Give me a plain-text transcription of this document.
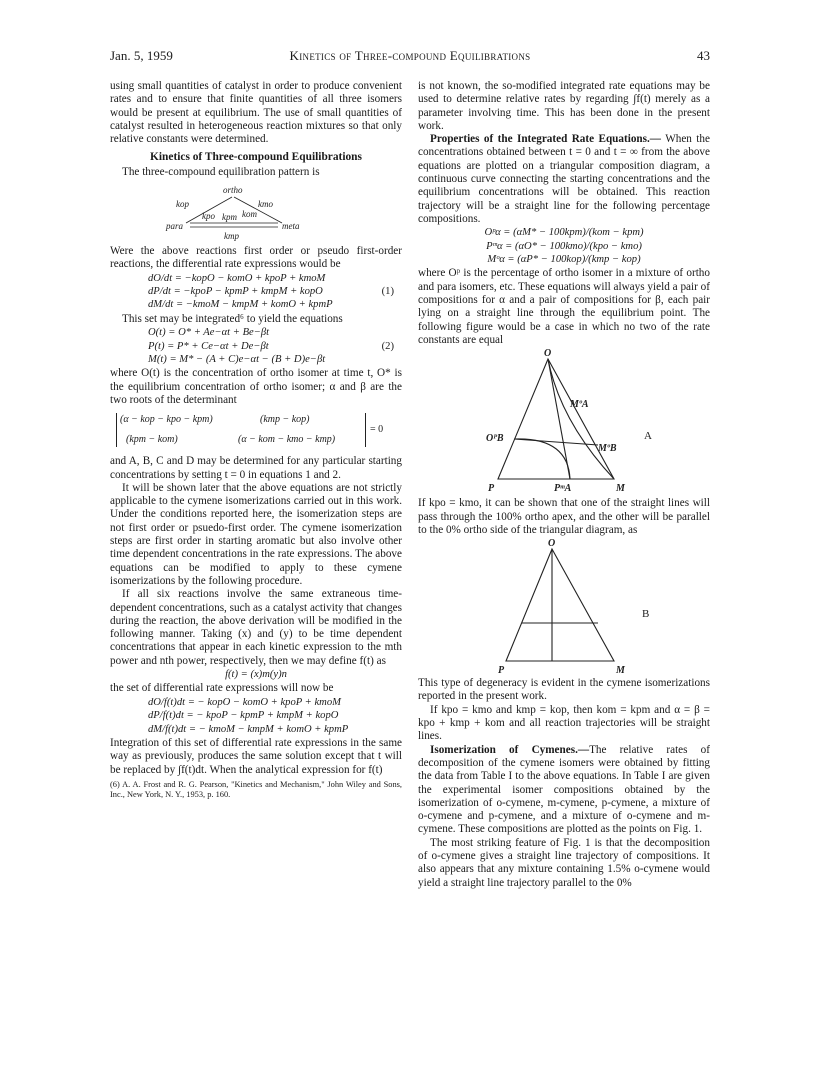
Jan. 5, 1959	Kinetics of Three-compound Equilibrations	43

using small quantities of catalyst in order to produce convenient rates and to ensure that finite quantities of all three isomers would be present at equilibrium. The use of small quantities of catalyst resulted in heterogeneous reaction mixtures so that only relative constants were determined.

Kinetics of Three-compound Equilibrations

The three-compound equilibration pattern is

ortho
para	meta
kop
kpo
kmo
kom
kpm
kmp

Were the above reactions first order or pseudo first-order reactions, the differential rate expressions would be

dO/dt = −kopO − komO + kpoP + kmoM
dP/dt = −kpoP − kpmP + kmpM + kopO	(1)
dM/dt = −kmoM − kmpM + komO + kpmP

This set may be integrated⁶ to yield the equations

O(t) = O* + Ae−αt + Be−βt
P(t) = P* + Ce−αt + De−βt	(2)
M(t) = M* − (A + C)e−αt − (B + D)e−βt

where O(t) is the concentration of ortho isomer at time t, O* is the equilibrium concentration of ortho isomer; α and β are the two roots of the determinant

(α − kop − kpo − kpm)	(kmp − kop)
(kpm − kom)	(α − kom − kmo − kmp)
= 0

and A, B, C and D may be determined for any particular starting concentrations by setting t = 0 in equations 1 and 2.

It will be shown later that the above equations are not strictly applicable to the cymene isomerizations carried out in this work. Under the conditions reported here, the isomerization steps are not first order or psuedo-first order. The cymene isomerization steps are first order in starting aromatic but also involve other time dependent concentrations in the rate expressions. The above equations can be modified to apply to these cymene isomerizations by the following procedure.

If all six reactions involve the same extraneous time-dependent concentrations, such as a catalyst activity that changes during the reaction, the above derivation will be modified in the following manner. Taking (x) and (y) to be time dependent concentrations that appear in each kinetic expression to the mth power and nth power, respectively, then we may define f(t) as

f(t) = (x)m(y)n

the set of differential rate expressions will now be

dO/f(t)dt = − kopO − komO + kpoP + kmoM
dP/f(t)dt = − kpoP − kpmP + kmpM + kopO
dM/f(t)dt = − kmoM − kmpM + komO + kpmP

Integration of this set of differential rate expressions in the same way as previously, produces the same solution except that t will be replaced by ∫f(t)dt. When the analytical expression for f(t)

(6) A. A. Frost and R. G. Pearson, "Kinetics and Mechanism," John Wiley and Sons, Inc., New York, N. Y., 1953, p. 160.

is not known, the so-modified integrated rate equations may be used to determine relative rates by regarding ∫f(t) merely as a parameter involving time. This has been done in the present work.

Properties of the Integrated Rate Equations.— When the concentrations obtained between t = 0 and t = ∞ from the above equations are plotted on a triangular composition diagram, a continuous curve connecting the starting concentrations and the equilibrium concentrations will be obtained. This reaction trajectory will be a straight line for the following percentage compositions.

Oᵖα = (αM* − 100kpm)/(kom − kpm)
Pᵐα = (αO* − 100kmo)/(kpo − kmo)
Mᵒα = (αP* − 100kop)/(kmp − kop)

where Oᵖ is the percentage of ortho isomer in a mixture of ortho and para isomers, etc. These equations will always yield a pair of compositions for α and a pair of compositions for β, each pair lying on a straight line through the equilibrium point. The following figure would be a case in which no two of the rate constants are equal

O
P	M
MºA
OᴾB
MºB
PᵐA
A

If kpo = kmo, it can be shown that one of the straight lines will pass through the 100% ortho apex, and the other will be parallel to the 0% ortho side of the triangular diagram, as

O
P	M
B

This type of degeneracy is evident in the cymene isomerizations reported in the present work.

If kpo = kmo and kmp = kop, then kom = kpm and α = β = kpo + kmp + kom and all reaction trajectories will be straight lines.

Isomerization of Cymenes.—The relative rates of decomposition of the cymene isomers were obtained by fitting the data from Table I to the above equations. In Table I are given the experimental isomer compositions obtained by the isomerization of o-cymene, m-cymene, p-cymene, a mixture of o-cymene and p-cymene, and a mixture of o-cymene and m-cymene. These compositions are plotted as the points on Fig. 1.

The most striking feature of Fig. 1 is that the decomposition of o-cymene gives a straight line trajectory of compositions. It also appears that any mixture containing 1.5% o-cymene would yield a straight line trajectory parallel to the 0%
